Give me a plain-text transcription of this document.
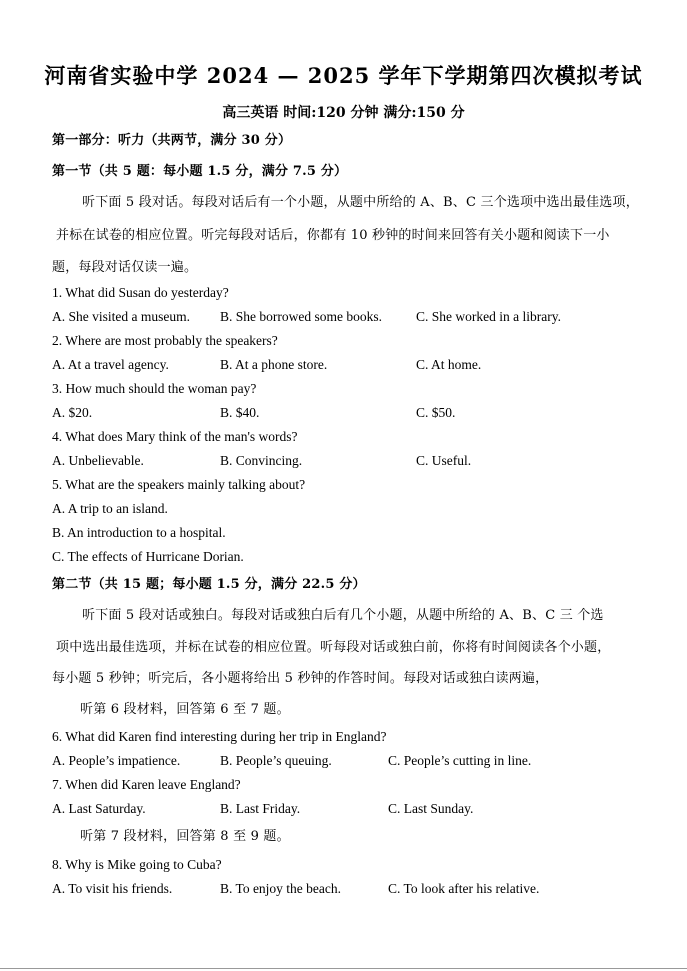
河南省实验中学 2024 — 2025 学年下学期第四次模拟考试
高三英语 时间:120 分钟 满分:150 分
第一部分：听力（共两节，满分 30 分）
第一节（共 5 题：每小题 1.5 分，满分 7.5 分）
听下面 5 段对话。每段对话后有一个小题，从题中所给的 A、B、C 三个选项中选出最佳选项，
并标在试卷的相应位置。听完每段对话后，你都有 10 秒钟的时间来回答有关小题和阅读下一小
题，每段对话仅读一遍。
1. What did Susan do yesterday?
A. She visited a museum. B. She borrowed some books.	C. She worked in a library.
2. Where are most probably the speakers?
A. At a travel agency.	B. At a phone store.	C. At home.
3. How much should the woman pay?
A. $20.	B. $40.	C. $50.
4. What does Mary think of the man's words?
A. Unbelievable.	B. Convincing.	C. Useful.
5. What are the speakers mainly talking about?
A. A trip to an island.
B. An introduction to a hospital.
C. The effects of Hurricane Dorian.
第二节（共 15 题；每小题 1.5 分，满分 22.5 分）
听下面 5 段对话或独白。每段对话或独白后有几个小题，从题中所给的 A、B、C 三 个选
项中选出最佳选项，并标在试卷的相应位置。听每段对话或独白前，你将有时间阅读各个小题，
每小题 5 秒钟；听完后，各小题将给出 5 秒钟的作答时间。每段对话或独白读两遍，
听第 6 段材料，回答第 6 至 7 题。
6. What did Karen find interesting during her trip in England?
A. People’s impatience.	B. People’s queuing.	C. People’s cutting in line.
7. When did Karen leave England?
A. Last Saturday.	B. Last Friday.	C. Last Sunday.
听第 7 段材料，回答第 8 至 9 题。
8. Why is Mike going to Cuba?
A. To visit his friends.	B. To enjoy the beach.	C. To look after his relative.
